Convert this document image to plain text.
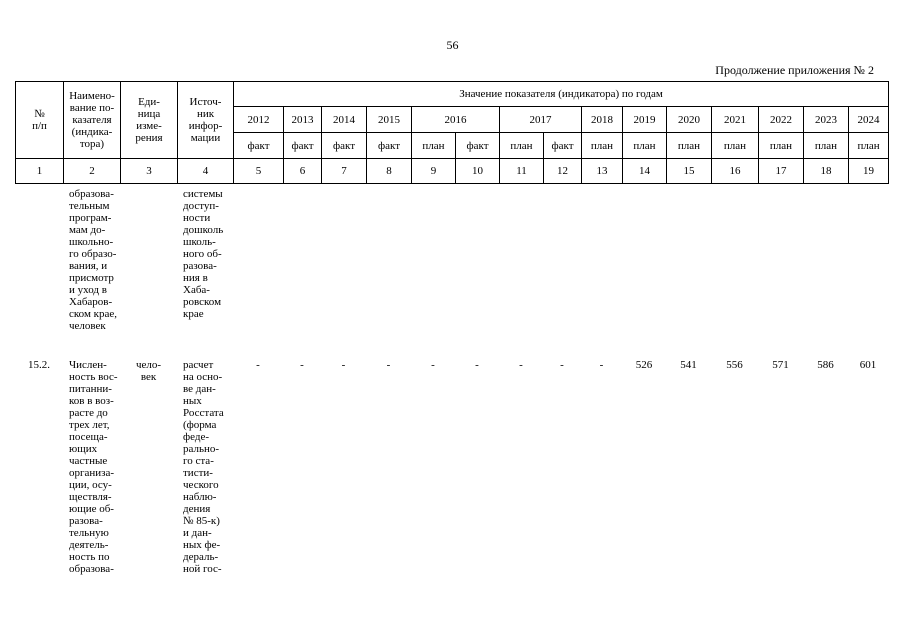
56
Продолжение приложения № 2
№
п/п	Наимено-
вание по-
казателя
(индика-
тора)	Еди-
ница
изме-
рения	Источ-
ник
инфор-
мации	Значение показателя (индикатора) по годам														
				2012	2013	2014	2015	2016		2017		2018	2019	2020	2021	2022	2023	2024
				факт	факт	факт	факт	план	факт	план	факт	план	план	план	план	план	план	план
1	2	3	4	5	6	7	8	9	10	11	12	13	14	15	16	17	18	19
	образова-
тельным
програм-
мам до-
школьно-
го образо-
вания, и
присмотр
и уход в
Хабаров-
ском крае,
человек		системы
доступ-
ности
дошколь
школь-
ного об-
разова-
ния в
Хаба-
ровском
крае															
15.2.	Числен-
ность вос-
питанни-
ков в воз-
расте до
трех лет,
посеща-
ющих
частные
организа-
ции, осу-
ществля-
ющие об-
разова-
тельную
деятель-
ность по
образова-	чело-
век	расчет
на осно-
ве дан-
ных
Росстата
(форма
феде-
рально-
го ста-
тисти-
ческого
наблю-
дения
№ 85-к)
и дан-
ных фе-
дераль-
ной гос-	-	-	-	-	-	-	-	-	-	526	541	556	571	586	601
